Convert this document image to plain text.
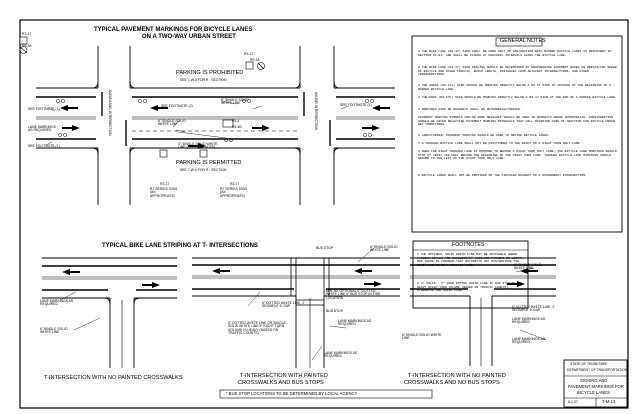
R3-17
R9-3A
TYPICAL PAVEMENT MARKINGS FOR BICYCLE LANES
ON A TWO-WAY URBAN STREET
R3-17
R9-3A
PARKING IS PROHIBITED
SEE 7-W-II FOR R - SECTION
SEE FOOTNOTE (1)
SEE FOOTNOTE (1)
SEE FOOTNOTE (2)
6" SINGLE SOLID WHITE LINE
6" SINGLE SOLID WHITE LINE
R4-4
R4-4B
4" SINGLE SOLID WHITE LINE (SEE FOOTNOTE)
SEE FOOTNOTE (1)
LANE MARKINGS AS REQUIRED	DOWNLAND INTERSECTION	MAJOR INTERSECTION
PARKING IS PERMITTED
SEE 7-W-II FOR R - SECTION
R3-17
R7 SERIES SIGN (AS APPROPRIATE)
R3-17
R7 SERIES SIGN (AS APPROPRIATE)
GENERAL NOTES
1 THE BIKE LANE (R3-17) SIGN SHALL BE USED ONLY IN CONJUNCTION WITH MARKED BICYCLE LANES AS DESCRIBED IN SECTION 9C.04, AND SHALL BE PLACED AT PERIODIC INTERVALS ALONG THE BICYCLE LANE.
2 THE BIKE LANE (R3-17) SIGN SPACING SHOULD BE DETERMINED BY ENGINEERING JUDGMENT BASED ON PREVAILING SPEED OF BICYCLE AND OTHER TRAFFIC, BLOCK LENGTH, DISTANCES FROM ADJACENT INTERSECTIONS, AND OTHER CONSIDERATIONS.
3 THE AHEAD (R3-17a) SIGN SHOULD BE MOUNTED DIRECTLY BELOW A R3-17 SIGN IN ADVANCE OF THE BEGINNING OF A MARKED BICYCLE LANE.
4 THE ENDS (R3-17b) SIGN SHOULD BE MOUNTED DIRECTLY BELOW A R3-17 SIGN AT THE END OF A MARKED BICYCLE LANE.
5 MARKINGS USED ON ROADWAYS SHALL BE RETROREFLECTORIZED.
PAVEMENT MARKING SYMBOLS AND/OR WORD MESSAGES SHOULD BE USED IN ROADWAYS WHERE APPROPRIATE. CONSIDERATION SHOULD BE GIVEN SELECTING PAVEMENT MARKING MATERIALS THAT WILL MINIMIZE LOSS OF TRACTION FOR BICYCLE UNDER WET CONDITIONS.
6 LONGITUDINAL PAVEMENT MARKING SHOULD BE USED TO DEFINE BICYCLE LANES.
7 A THROUGH BICYCLE LANE SHALL NOT BE POSITIONED TO THE RIGHT OF A RIGHT TURN ONLY LANE.
8 WHEN THE RIGHT THROUGH LANE IS DROPPED TO BECOME A RIGHT TURN ONLY LANE, THE BICYCLE LANE MARKINGS SHOULD STOP AT LEAST 100 FEET BEFORE THE BEGINNING OF THE RIGHT TURN LANE. THROUGH BICYCLE LANE MARKINGS SHOULD RESUME TO THE LEFT OF THE RIGHT TURN ONLY LANE.
9 BICYCLE LANES SHALL NOT BE PROVIDED ON THE CIRCULAR ROADWAY OF A ROUNDABOUT INTERSECTION.
FOOTNOTES
1 THE OPTIONAL SOLID WHITE LINE MAY BE ADVISABLE WHERE PARKING STALLS ARE UNNECESSARY (BECAUSE PARKING IS LIGHT) BUT THERE IS CONCERN THAT MOTORISTS MAY MISCONSTRUE THE BIKE LANE TO BE A TRAFFIC LANE.
2 4" SOLID - 6" WIDE DOTTED WHITE LINE IF BUS STOP OR HEAVY RIGHT-TURN VOLUME (BASED ON TRAFFIC COUNTS). OTHERWISE USE SOLID LINE.
TYPICAL BIKE LANE STRIPING AT T- INTERSECTIONS
LANE MARKINGS AS REQUIRED
6" SINGLE SOLID WHITE LINE
T-INTERSECTION WITH NO PAINTED CROSSWALKS
BUS STOP
6" DOTTED WHITE LINE, 2' SEGMENT 6' GAP
MIN. 80' OPTIONAL 6" DOTTED WHITE LINE IF BUS STOP IN THIS LOCATION
6" DOTTED WHITE LINE OR SINGLE SOLID WHITE LINE IF RIGHT TURN VOLUME IS HEAVY (BASED ON TRAFFIC COUNTS)
BUS STOP
LANE MARKINGS AS REQUIRED
LANE MARKINGS AS REQUIRED
T-INTERSECTION WITH PAINTED
CROSSWALKS AND BUS STOPS
6" SINGLE SOLID WHITE LINE
6" SINGLE SOLID WHITE LINE
6" DOTTED WHITE LINE, 2' SEGMENT 6' GAP
LANE MARKINGS AS REQUIRED
LANE MARKINGS AS REQUIRED
6" SINGLE SOLID WHITE LINE
T-INTERSECTION WITH NO PAINTED
CROSSWALKS AND NO BUS STOPS
* BUS STOP LOCATIONS TO BE DETERMINED BY LOCAL AGENCY
STATE OF TENNESSEE
DEPARTMENT OF TRANSPORTATION
SIGNING AND
PAVEMENT MARKINGS FOR
BICYCLE LANES
6-1-07	T-M-13
